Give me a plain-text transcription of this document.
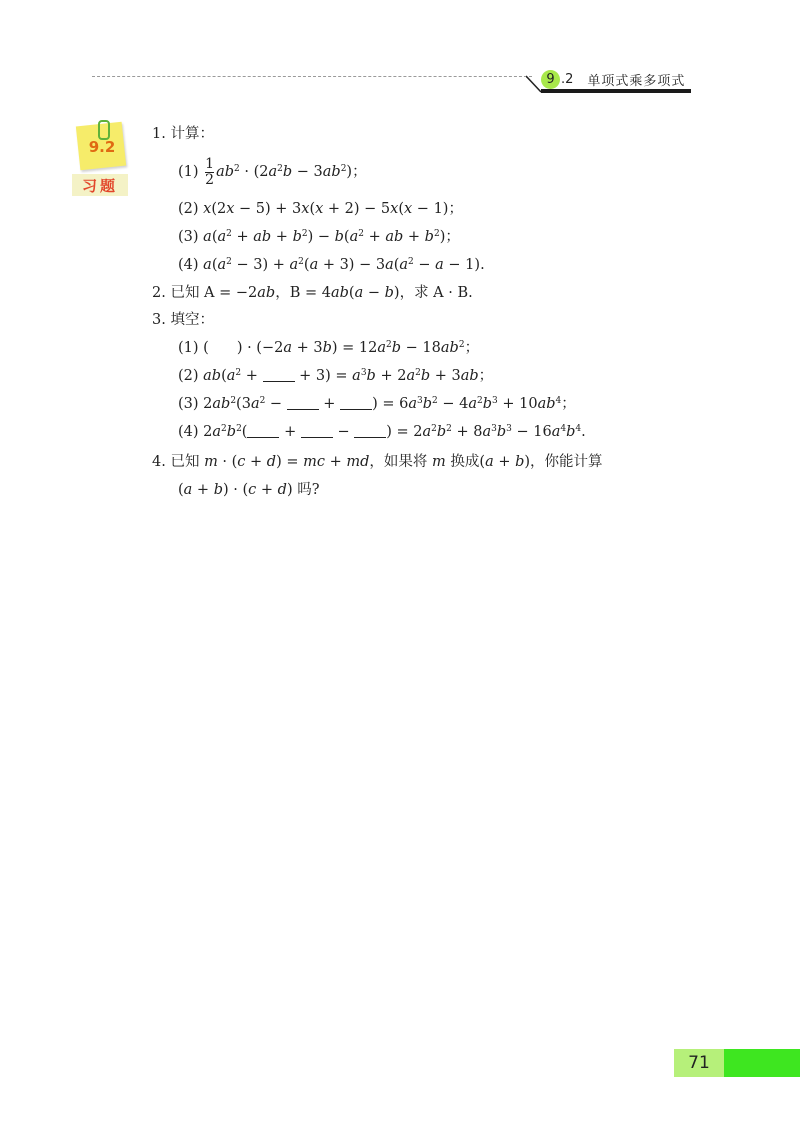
9 .2 单项式乘多项式
9.2
习题
1. 计算：
$(1) \frac{1}{2} ab^2 \cdot (2a^2b - 3ab^2)$；
(2) x(2x − 5) + 3x(x + 2) − 5x(x − 1)；
(3) $a(a^2$ + ab + $b^2) - b(a^2$ + ab + $b^2$)；
(4) $a(a^2 - 3) + a^2(a + 3) - 3a(a^2 - a - 1)$.
2. 已知 A = −2ab，B = 4ab(a − b)，求 A · B.
3. 填空：
(1) ( ) · $(-2a + 3b) = 12a^2b - 18ab^2$；
(2) $ab(a^2$ +  + $3) = a^3b + 2a^2b + 3ab$；
(3) $2ab^2(3a^2$ −  + ) = $6a^3b^2 - 4a^2b^3 + 10ab^4$；
(4) $2a^2b^2$( +  − ) = $2a^2b^2 + 8a^3b^3 - 16a^4b^4$.
4. 已知 m · (c + d) = mc + md，如果将 m 换成(a + b)，你能计算
(a + b) · (c + d) 吗?
71
